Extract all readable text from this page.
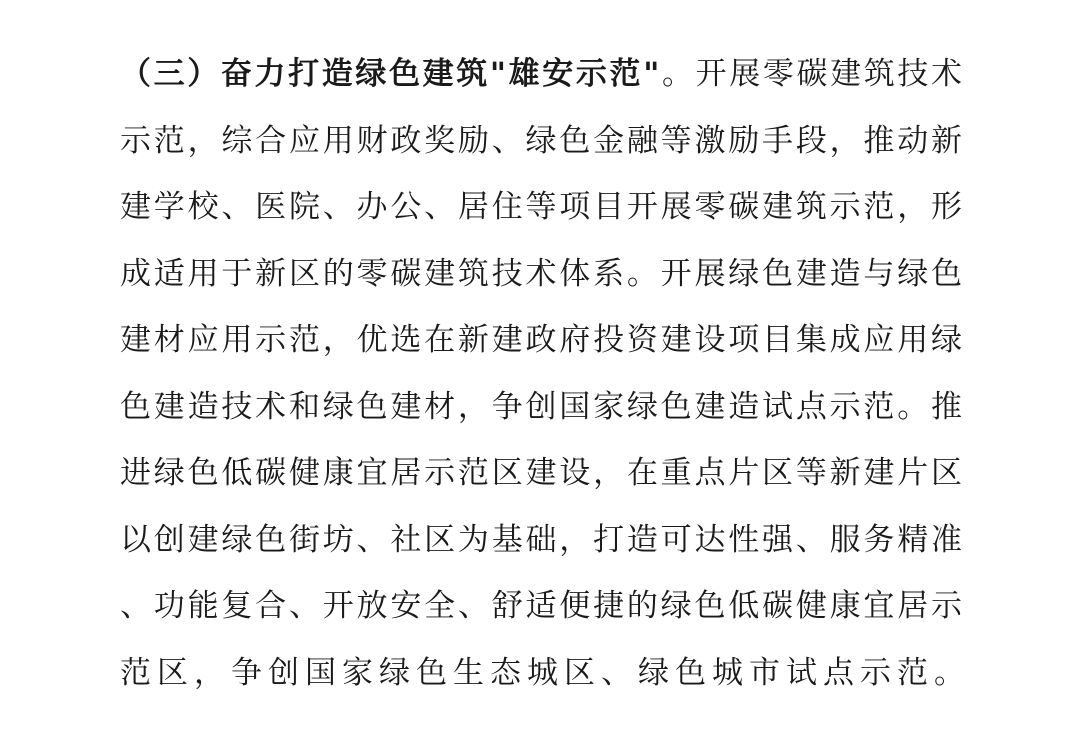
（三）奋力打造绿色建筑"雄安示范"。开展零碳建筑技术
示范，综合应用财政奖励、绿色金融等激励手段，推动新
建学校、医院、办公、居住等项目开展零碳建筑示范，形
成适用于新区的零碳建筑技术体系。开展绿色建造与绿色
建材应用示范，优选在新建政府投资建设项目集成应用绿
色建造技术和绿色建材，争创国家绿色建造试点示范。推
进绿色低碳健康宜居示范区建设，在重点片区等新建片区
以创建绿色街坊、社区为基础，打造可达性强、服务精准
、功能复合、开放安全、舒适便捷的绿色低碳健康宜居示
范区，争创国家绿色生态城区、绿色城市试点示范。
